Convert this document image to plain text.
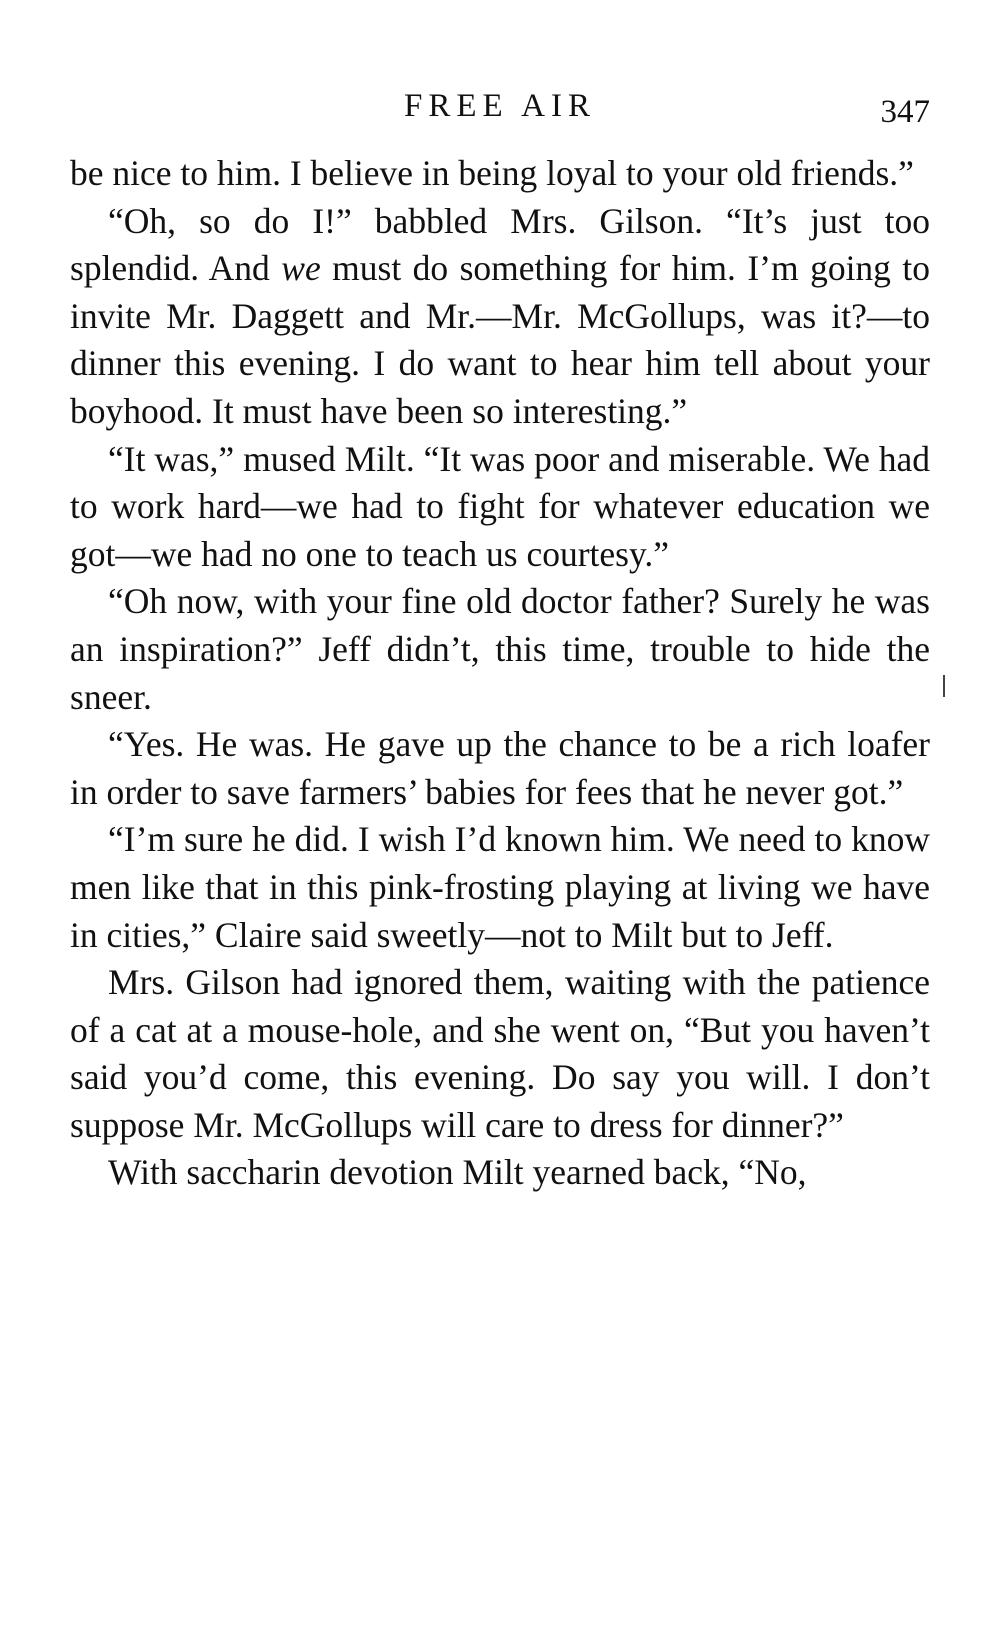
FREE AIR	347

be nice to him. I believe in being loyal to your old friends.”

“Oh, so do I!” babbled Mrs. Gilson. “It’s just too splendid. And we must do something for him. I’m going to invite Mr. Daggett and Mr.—Mr. McGollups, was it?—to dinner this evening. I do want to hear him tell about your boyhood. It must have been so interesting.”

“It was,” mused Milt. “It was poor and miserable. We had to work hard—we had to fight for whatever education we got—we had no one to teach us courtesy.”

“Oh now, with your fine old doctor father? Surely he was an inspiration?” Jeff didn’t, this time, trouble to hide the sneer.

“Yes. He was. He gave up the chance to be a rich loafer in order to save farmers’ babies for fees that he never got.”

“I’m sure he did. I wish I’d known him. We need to know men like that in this pink-frosting playing at living we have in cities,” Claire said sweetly—not to Milt but to Jeff.

Mrs. Gilson had ignored them, waiting with the patience of a cat at a mouse-hole, and she went on, “But you haven’t said you’d come, this evening. Do say you will. I don’t suppose Mr. McGollups will care to dress for dinner?”

With saccharin devotion Milt yearned back, “No,
